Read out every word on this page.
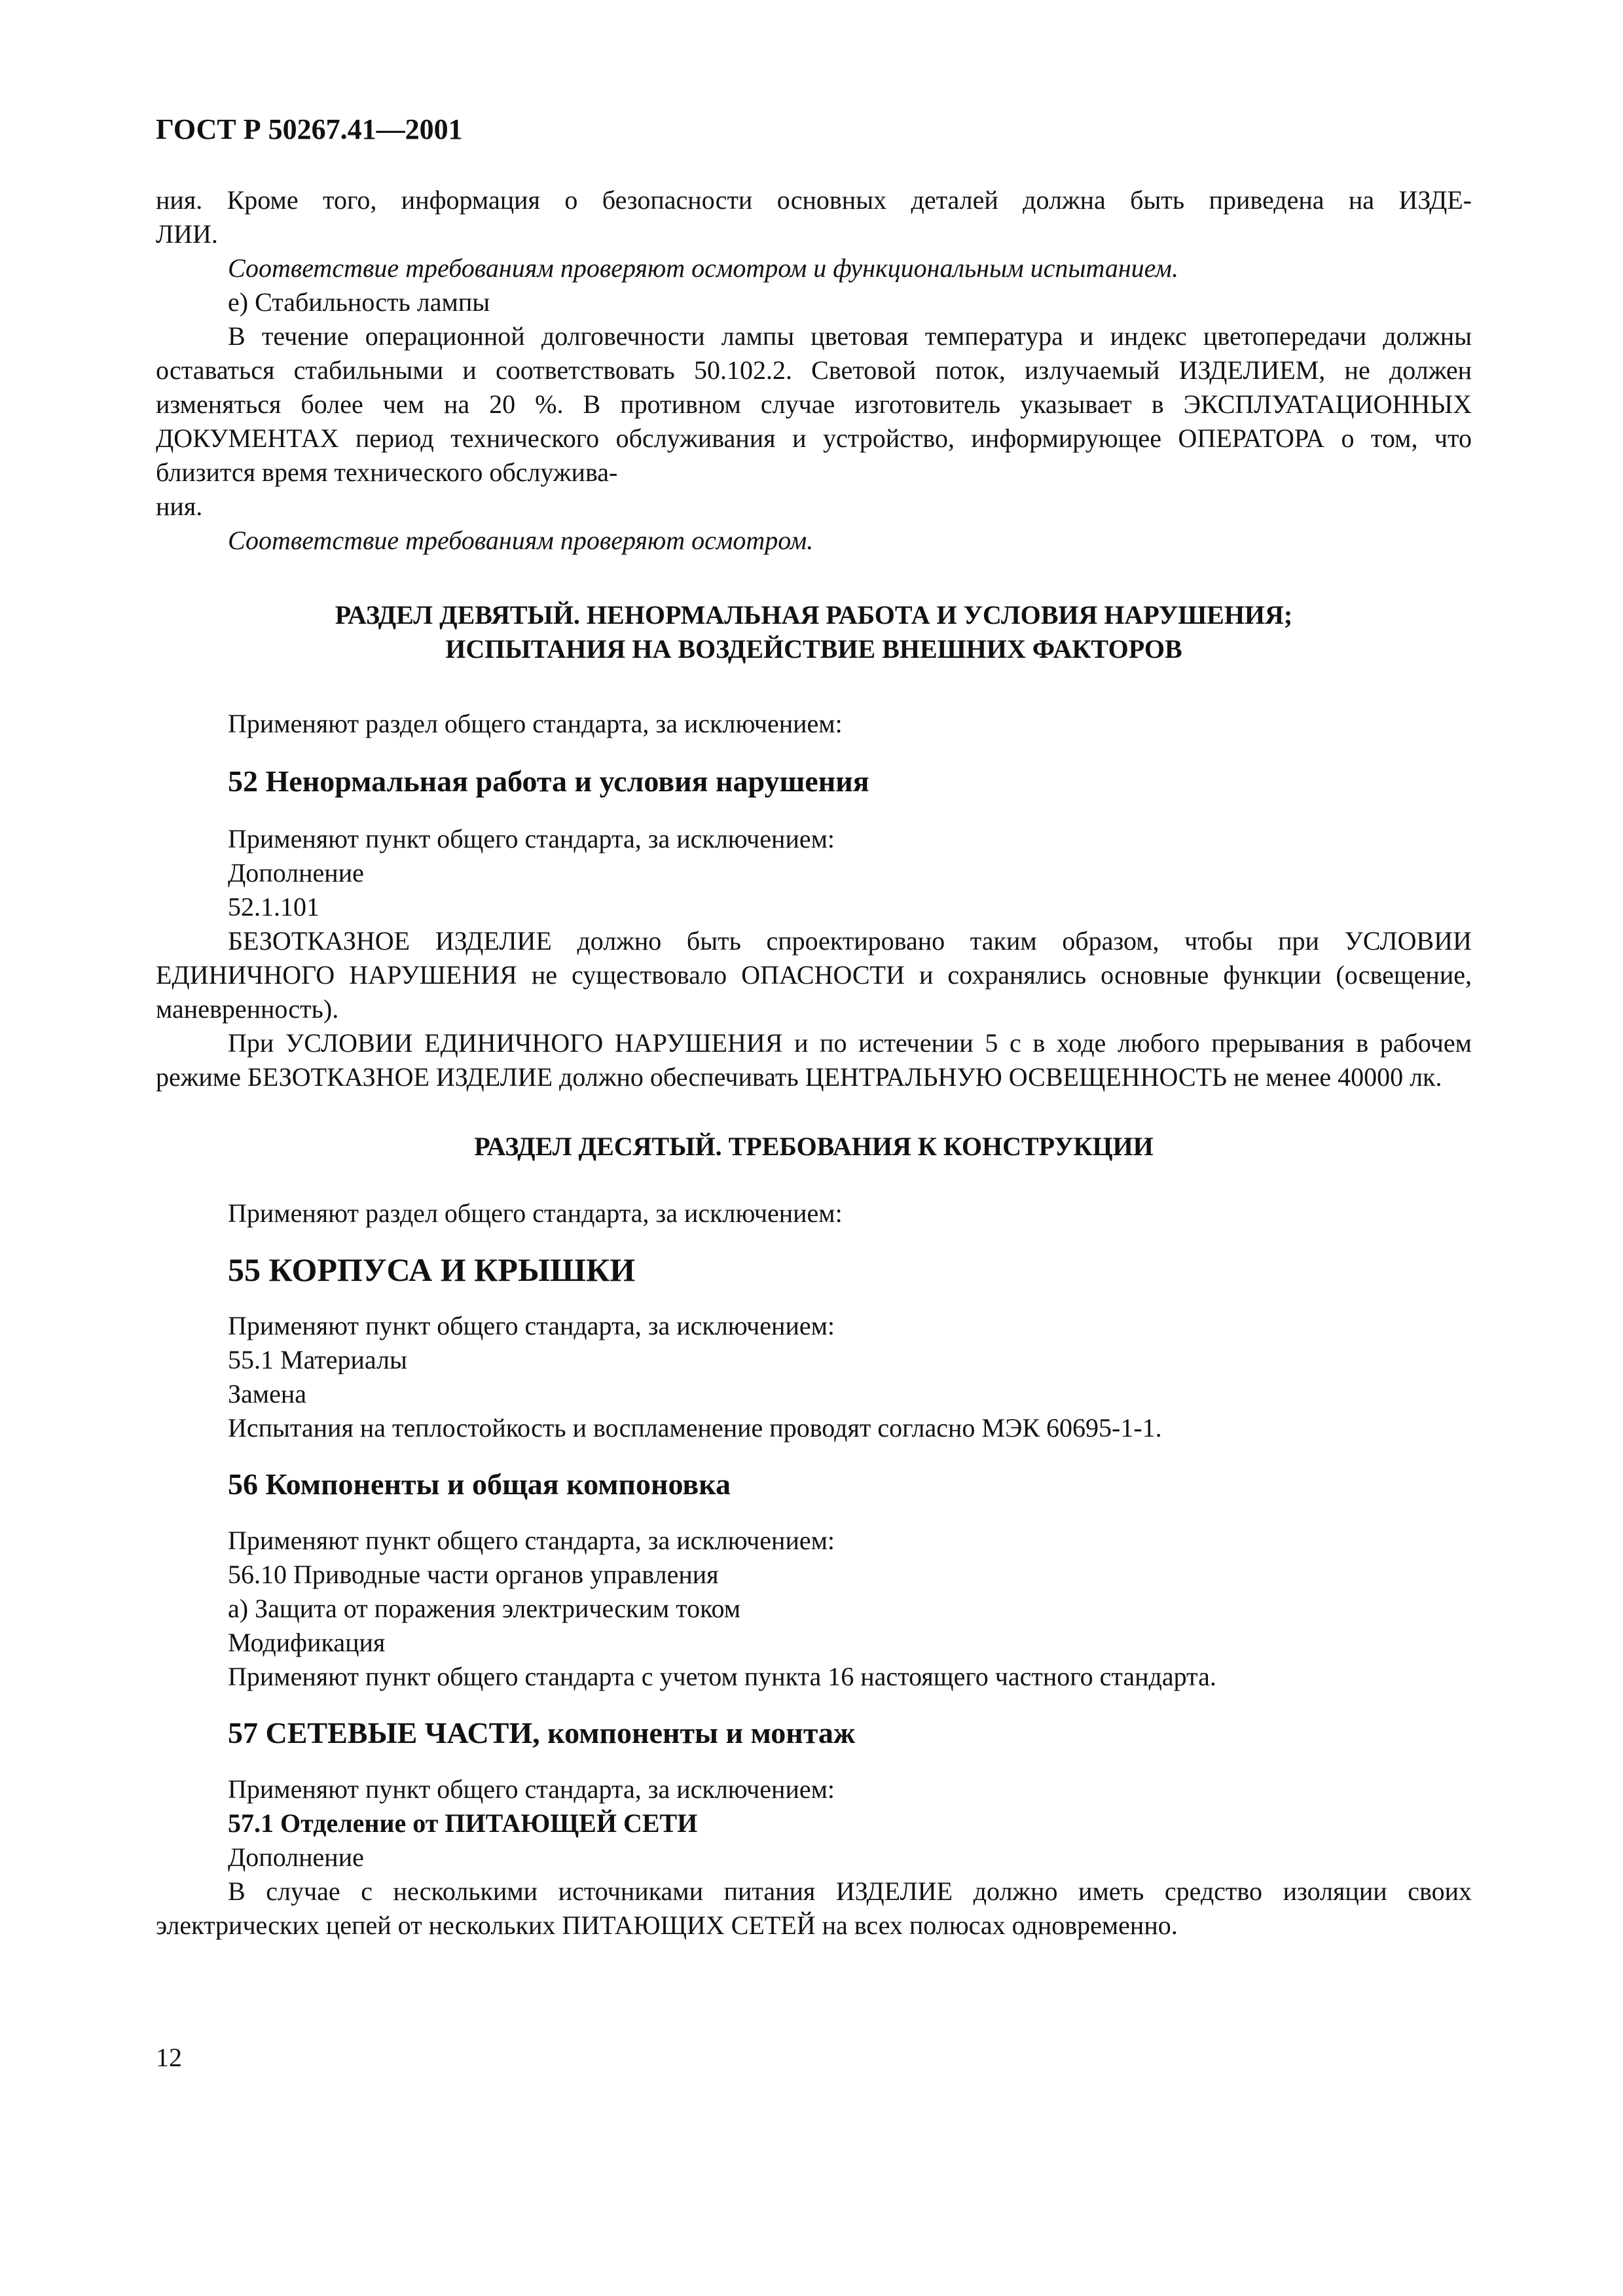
ГОСТ Р 50267.41—2001

ния. Кроме того, информация о безопасности основных деталей должна быть приведена на ИЗДЕ-

ЛИИ.

Соответствие требованиям проверяют осмотром и функциональным испытанием.

е) Стабильность лампы

В течение операционной долговечности лампы цветовая температура и индекс цветопередачи должны оставаться стабильными и соответствовать 50.102.2. Световой поток, излучаемый ИЗДЕЛИЕМ, не должен изменяться более чем на 20 %. В противном случае изготовитель указывает в ЭКСПЛУАТАЦИОННЫХ ДОКУМЕНТАХ период технического обслуживания и устройство, информирующее ОПЕРАТОРА о том, что близится время технического обслужива-

ния.

Соответствие требованиям проверяют осмотром.

РАЗДЕЛ ДЕВЯТЫЙ. НЕНОРМАЛЬНАЯ РАБОТА И УСЛОВИЯ НАРУШЕНИЯ;

ИСПЫТАНИЯ НА ВОЗДЕЙСТВИЕ ВНЕШНИХ ФАКТОРОВ

Применяют раздел общего стандарта, за исключением:

52 Ненормальная работа и условия нарушения

Применяют пункт общего стандарта, за исключением:

Дополнение

52.1.101

БЕЗОТКАЗНОЕ ИЗДЕЛИЕ должно быть спроектировано таким образом, чтобы при УСЛОВИИ ЕДИНИЧНОГО НАРУШЕНИЯ не существовало ОПАСНОСТИ и сохранялись основные функции (освещение, маневренность).

При УСЛОВИИ ЕДИНИЧНОГО НАРУШЕНИЯ и по истечении 5 с в ходе любого прерывания в рабочем режиме БЕЗОТКАЗНОЕ ИЗДЕЛИЕ должно обеспечивать ЦЕНТРАЛЬНУЮ ОСВЕЩЕННОСТЬ не менее 40000 лк.

РАЗДЕЛ ДЕСЯТЫЙ. ТРЕБОВАНИЯ К КОНСТРУКЦИИ

Применяют раздел общего стандарта, за исключением:

55 КОРПУСА И КРЫШКИ

Применяют пункт общего стандарта, за исключением:

55.1 Материалы

Замена

Испытания на теплостойкость и воспламенение проводят согласно МЭК 60695-1-1.

56 Компоненты и общая компоновка

Применяют пункт общего стандарта, за исключением:

56.10 Приводные части органов управления

а) Защита от поражения электрическим током

Модификация

Применяют пункт общего стандарта с учетом пункта 16 настоящего частного стандарта.

57 СЕТЕВЫЕ ЧАСТИ, компоненты и монтаж

Применяют пункт общего стандарта, за исключением:

57.1 Отделение от ПИТАЮЩЕЙ СЕТИ

Дополнение

В случае с несколькими источниками питания ИЗДЕЛИЕ должно иметь средство изоляции своих электрических цепей от нескольких ПИТАЮЩИХ СЕТЕЙ на всех полюсах одновременно.

12
